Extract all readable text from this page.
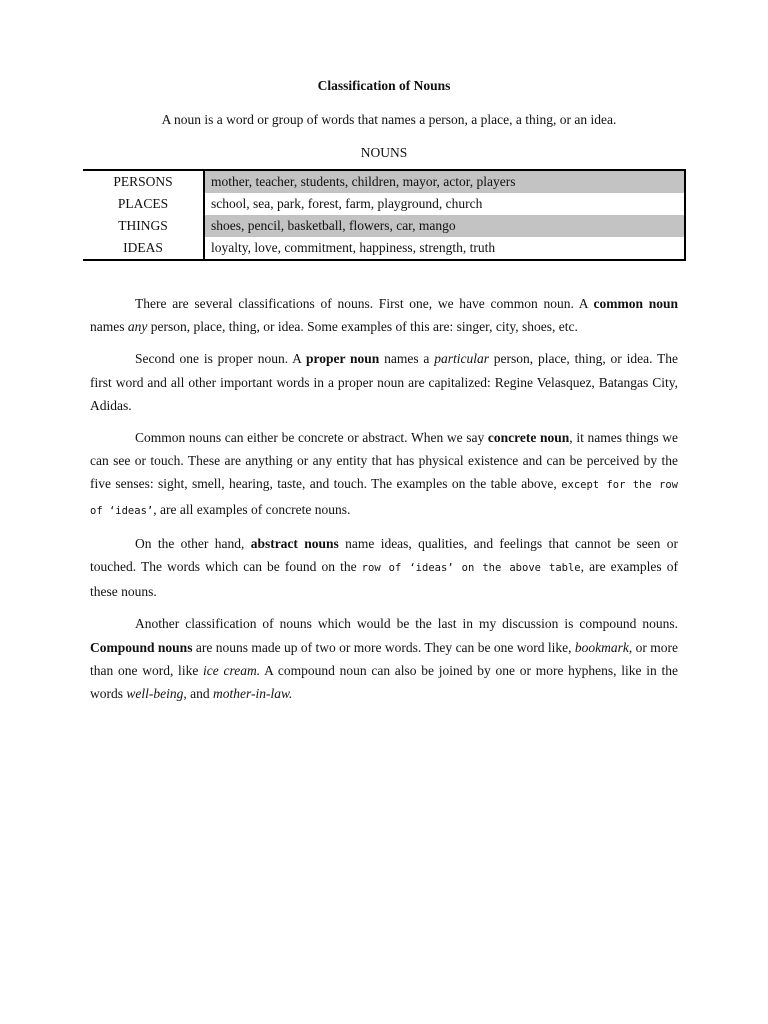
Classification of Nouns
A noun is a word or group of words that names a person, a place, a thing, or an idea.
NOUNS
PERSONS	mother, teacher, students, children, mayor, actor, players
PLACES	school, sea, park, forest, farm, playground, church
THINGS	shoes, pencil, basketball, flowers, car, mango
IDEAS	loyalty, love, commitment, happiness, strength, truth

There are several classifications of nouns. First one, we have common noun. A common noun names any person, place, thing, or idea. Some examples of this are: singer, city, shoes, etc.

Second one is proper noun. A proper noun names a particular person, place, thing, or idea. The first word and all other important words in a proper noun are capitalized: Regine Velasquez, Batangas City, Adidas.

Common nouns can either be concrete or abstract. When we say concrete noun, it names things we can see or touch. These are anything or any entity that has physical existence and can be perceived by the five senses: sight, smell, hearing, taste, and touch. The examples on the table above, except for the row of ‘ideas’, are all examples of concrete nouns.

On the other hand, abstract nouns name ideas, qualities, and feelings that cannot be seen or touched. The words which can be found on the row of ‘ideas’ on the above table, are examples of these nouns.

Another classification of nouns which would be the last in my discussion is compound nouns. Compound nouns are nouns made up of two or more words. They can be one word like, bookmark, or more than one word, like ice cream. A compound noun can also be joined by one or more hyphens, like in the words well-being, and mother-in-law.
